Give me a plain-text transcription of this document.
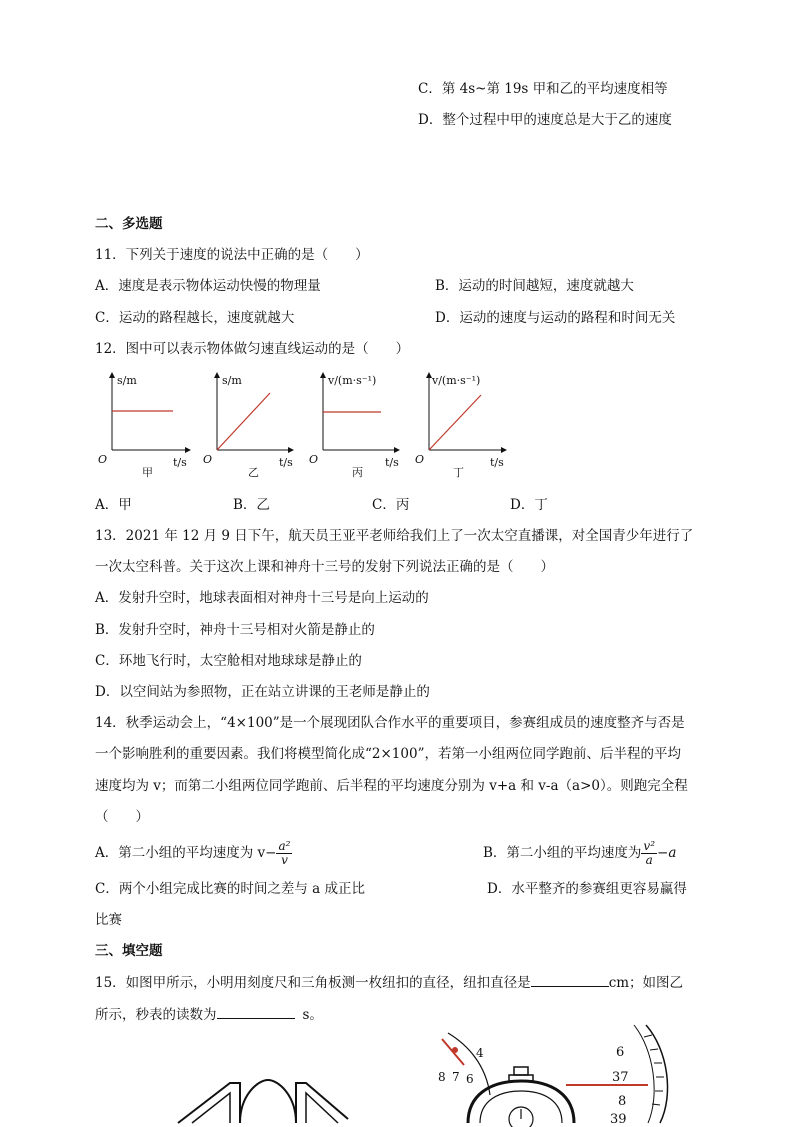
C．第 4s~第 19s 甲和乙的平均速度相等
D．整个过程中甲的速度总是大于乙的速度
二、多选题
11．下列关于速度的说法中正确的是（　　）
A．速度是表示物体运动快慢的物理量	B．运动的时间越短，速度就越大
C．运动的路程越长，速度就越大	D．运动的速度与运动的路程和时间无关
12．图中可以表示物体做匀速直线运动的是（　　）
O
s/m
t/s
甲
O
s/m
t/s
乙
O
v/(m·s⁻¹)
t/s
丙
O
v/(m·s⁻¹)
t/s
丁
A．甲	B．乙	C．丙	D．丁
13．2021 年 12 月 9 日下午，航天员王亚平老师给我们上了一次太空直播课，对全国青少年进行了
一次太空科普。关于这次上课和神舟十三号的发射下列说法正确的是（　　）
A．发射升空时，地球表面相对神舟十三号是向上运动的
B．发射升空时，神舟十三号相对火箭是静止的
C．环地飞行时，太空舱相对地球球是静止的
D．以空间站为参照物，正在站立讲课的王老师是静止的
14．秋季运动会上，“4×100”是一个展现团队合作水平的重要项目，参赛组成员的速度整齐与否是
一个影响胜利的重要因素。我们将模型简化成“2×100”，若第一小组两位同学跑前、后半程的平均
速度均为 v；而第二小组两位同学跑前、后半程的平均速度分别为 v+a 和 v-a（a>0）。则跑完全程
（　　）
A．第二小组的平均速度为 $v- \frac{\text{a²}}{v}$	B．第二小组的平均速度为 $\frac{\text{v²}}{a} -a$
C．两个小组完成比赛的时间之差与 a 成正比	D．水平整齐的参赛组更容易赢得
比赛
三、填空题
15．如图甲所示，小明用刻度尺和三角板测一枚纽扣的直径，纽扣直径是	cm；如图乙
所示，秒表的读数为	s。
8 7 6
4	6
37
8
39
